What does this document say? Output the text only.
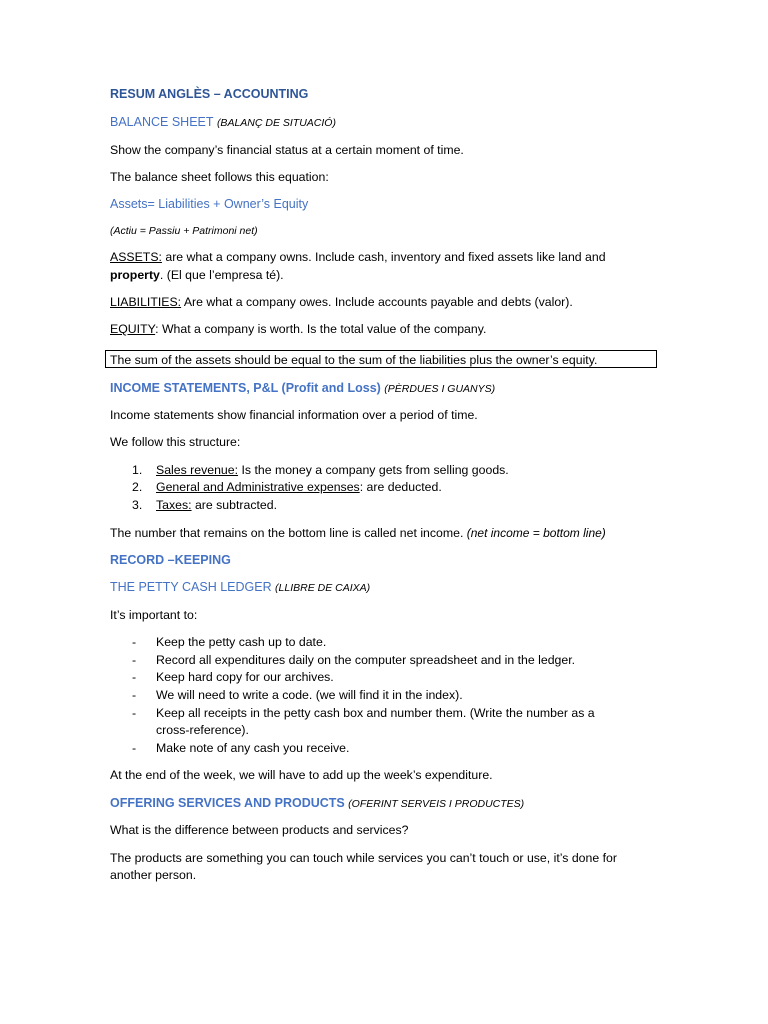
RESUM ANGLÈS – ACCOUNTING
BALANCE SHEET (BALANÇ DE SITUACIÓ)
Show the company’s financial status at a certain moment of time.
The balance sheet follows this equation:
Assets= Liabilities + Owner’s Equity
(Actiu = Passiu + Patrimoni net)
ASSETS: are what a company owns. Include cash, inventory and fixed assets like land and
property. (El que l’empresa té).
LIABILITIES: Are what a company owes. Include accounts payable and debts (valor).
EQUITY: What a company is worth. Is the total value of the company.
The sum of the assets should be equal to the sum of the liabilities plus the owner’s equity.
INCOME STATEMENTS, P&L (Profit and Loss) (PÈRDUES I GUANYS)
Income statements show financial information over a period of time.
We follow this structure:
1.	Sales revenue: Is the money a company gets from selling goods.
2.	General and Administrative expenses: are deducted.
3.	Taxes: are subtracted.
The number that remains on the bottom line is called net income. (net income = bottom line)
RECORD –KEEPING
THE PETTY CASH LEDGER (LLIBRE DE CAIXA)
It’s important to:
-	Keep the petty cash up to date.
-	Record all expenditures daily on the computer spreadsheet and in the ledger.
-	Keep hard copy for our archives.
-	We will need to write a code. (we will find it in the index).
-	Keep all receipts in the petty cash box and number them. (Write the number as a
cross-reference).
-	Make note of any cash you receive.
At the end of the week, we will have to add up the week’s expenditure.
OFFERING SERVICES AND PRODUCTS (OFERINT SERVEIS I PRODUCTES)
What is the difference between products and services?
The products are something you can touch while services you can’t touch or use, it’s done for
another person.
